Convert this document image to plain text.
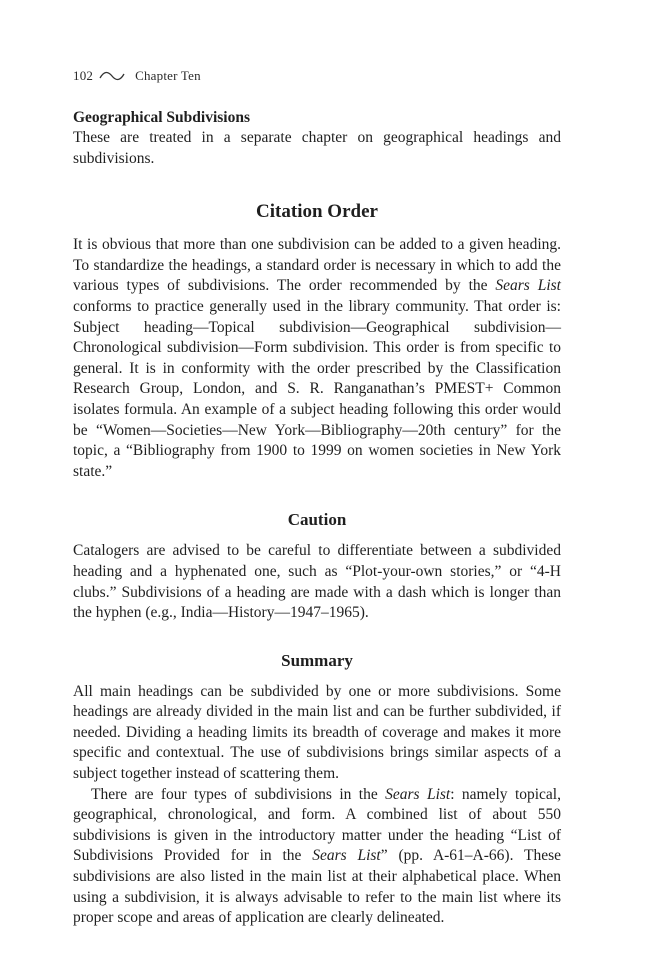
102	Chapter Ten
Geographical Subdivisions

These are treated in a separate chapter on geographical headings and subdivisions.

Citation Order

It is obvious that more than one subdivision can be added to a given heading. To standardize the headings, a standard order is necessary in which to add the various types of subdivisions. The order recommended by the Sears List conforms to practice generally used in the library community. That order is: Subject heading—Topical subdivision—Geographical subdivision—Chronological subdivision—Form subdivision. This order is from specific to general. It is in conformity with the order prescribed by the Classification Research Group, London, and S. R. Ranganathan’s PMEST+ Common isolates formula. An example of a subject heading following this order would be “Women—Societies—New York—Bibliography—20th century” for the topic, a “Bibliography from 1900 to 1999 on women societies in New York state.”

Caution

Catalogers are advised to be careful to differentiate between a subdivided heading and a hyphenated one, such as “Plot-your-own stories,” or “4-H clubs.” Subdivisions of a heading are made with a dash which is longer than the hyphen (e.g., India—History—1947–1965).

Summary

All main headings can be subdivided by one or more subdivisions. Some headings are already divided in the main list and can be further subdivided, if needed. Dividing a heading limits its breadth of coverage and makes it more specific and contextual. The use of subdivisions brings similar aspects of a subject together instead of scattering them.

There are four types of subdivisions in the Sears List: namely topical, geographical, chronological, and form. A combined list of about 550 subdivisions is given in the introductory matter under the heading “List of Subdivisions Provided for in the Sears List” (pp. A-61–A-66). These subdivisions are also listed in the main list at their alphabetical place. When using a subdivision, it is always advisable to refer to the main list where its proper scope and areas of application are clearly delineated.
